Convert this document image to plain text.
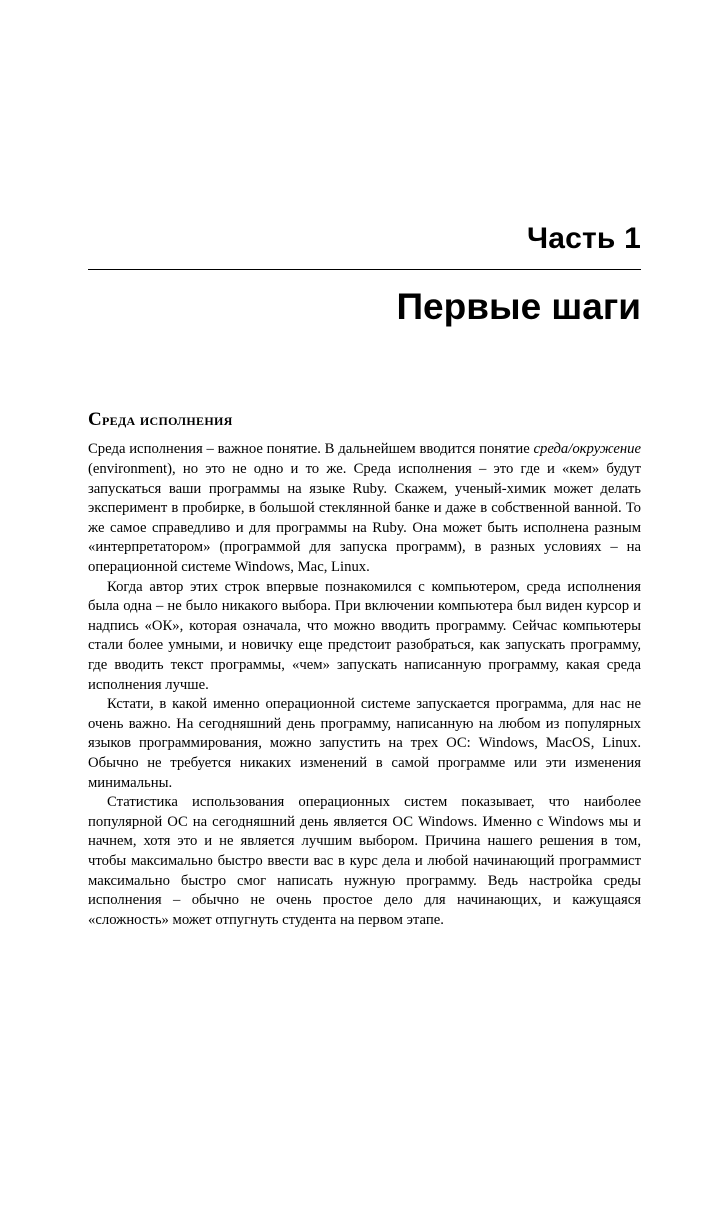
Часть 1
Первые шаги
Среда исполнения

Среда исполнения – важное понятие. В дальнейшем вводится понятие среда/окружение (environment), но это не одно и то же. Среда исполнения – это где и «кем» будут запускаться ваши программы на языке Ruby. Скажем, ученый-химик может делать эксперимент в пробирке, в большой стеклянной банке и даже в собственной ванной. То же самое справедливо и для программы на Ruby. Она может быть исполнена разным «интерпретатором» (программой для запуска программ), в разных условиях – на операционной системе Windows, Mac, Linux.

Когда автор этих строк впервые познакомился с компьютером, среда исполнения была одна – не было никакого выбора. При включении компьютера был виден курсор и надпись «ОК», которая означала, что можно вводить программу. Сейчас компьютеры стали более умными, и новичку еще предстоит разобраться, как запускать программу, где вводить текст программы, «чем» запускать написанную программу, какая среда исполнения лучше.

Кстати, в какой именно операционной системе запускается программа, для нас не очень важно. На сегодняшний день программу, написанную на любом из популярных языков программирования, можно запустить на трех ОС: Windows, MacOS, Linux. Обычно не требуется никаких изменений в самой программе или эти изменения минимальны.

Статистика использования операционных систем показывает, что наиболее популярной ОС на сегодняшний день является ОС Windows. Именно с Windows мы и начнем, хотя это и не является лучшим выбором. Причина нашего решения в том, чтобы максимально быстро ввести вас в курс дела и любой начинающий программист максимально быстро смог написать нужную программу. Ведь настройка среды исполнения – обычно не очень простое дело для начинающих, и кажущаяся «сложность» может отпугнуть студента на первом этапе.
